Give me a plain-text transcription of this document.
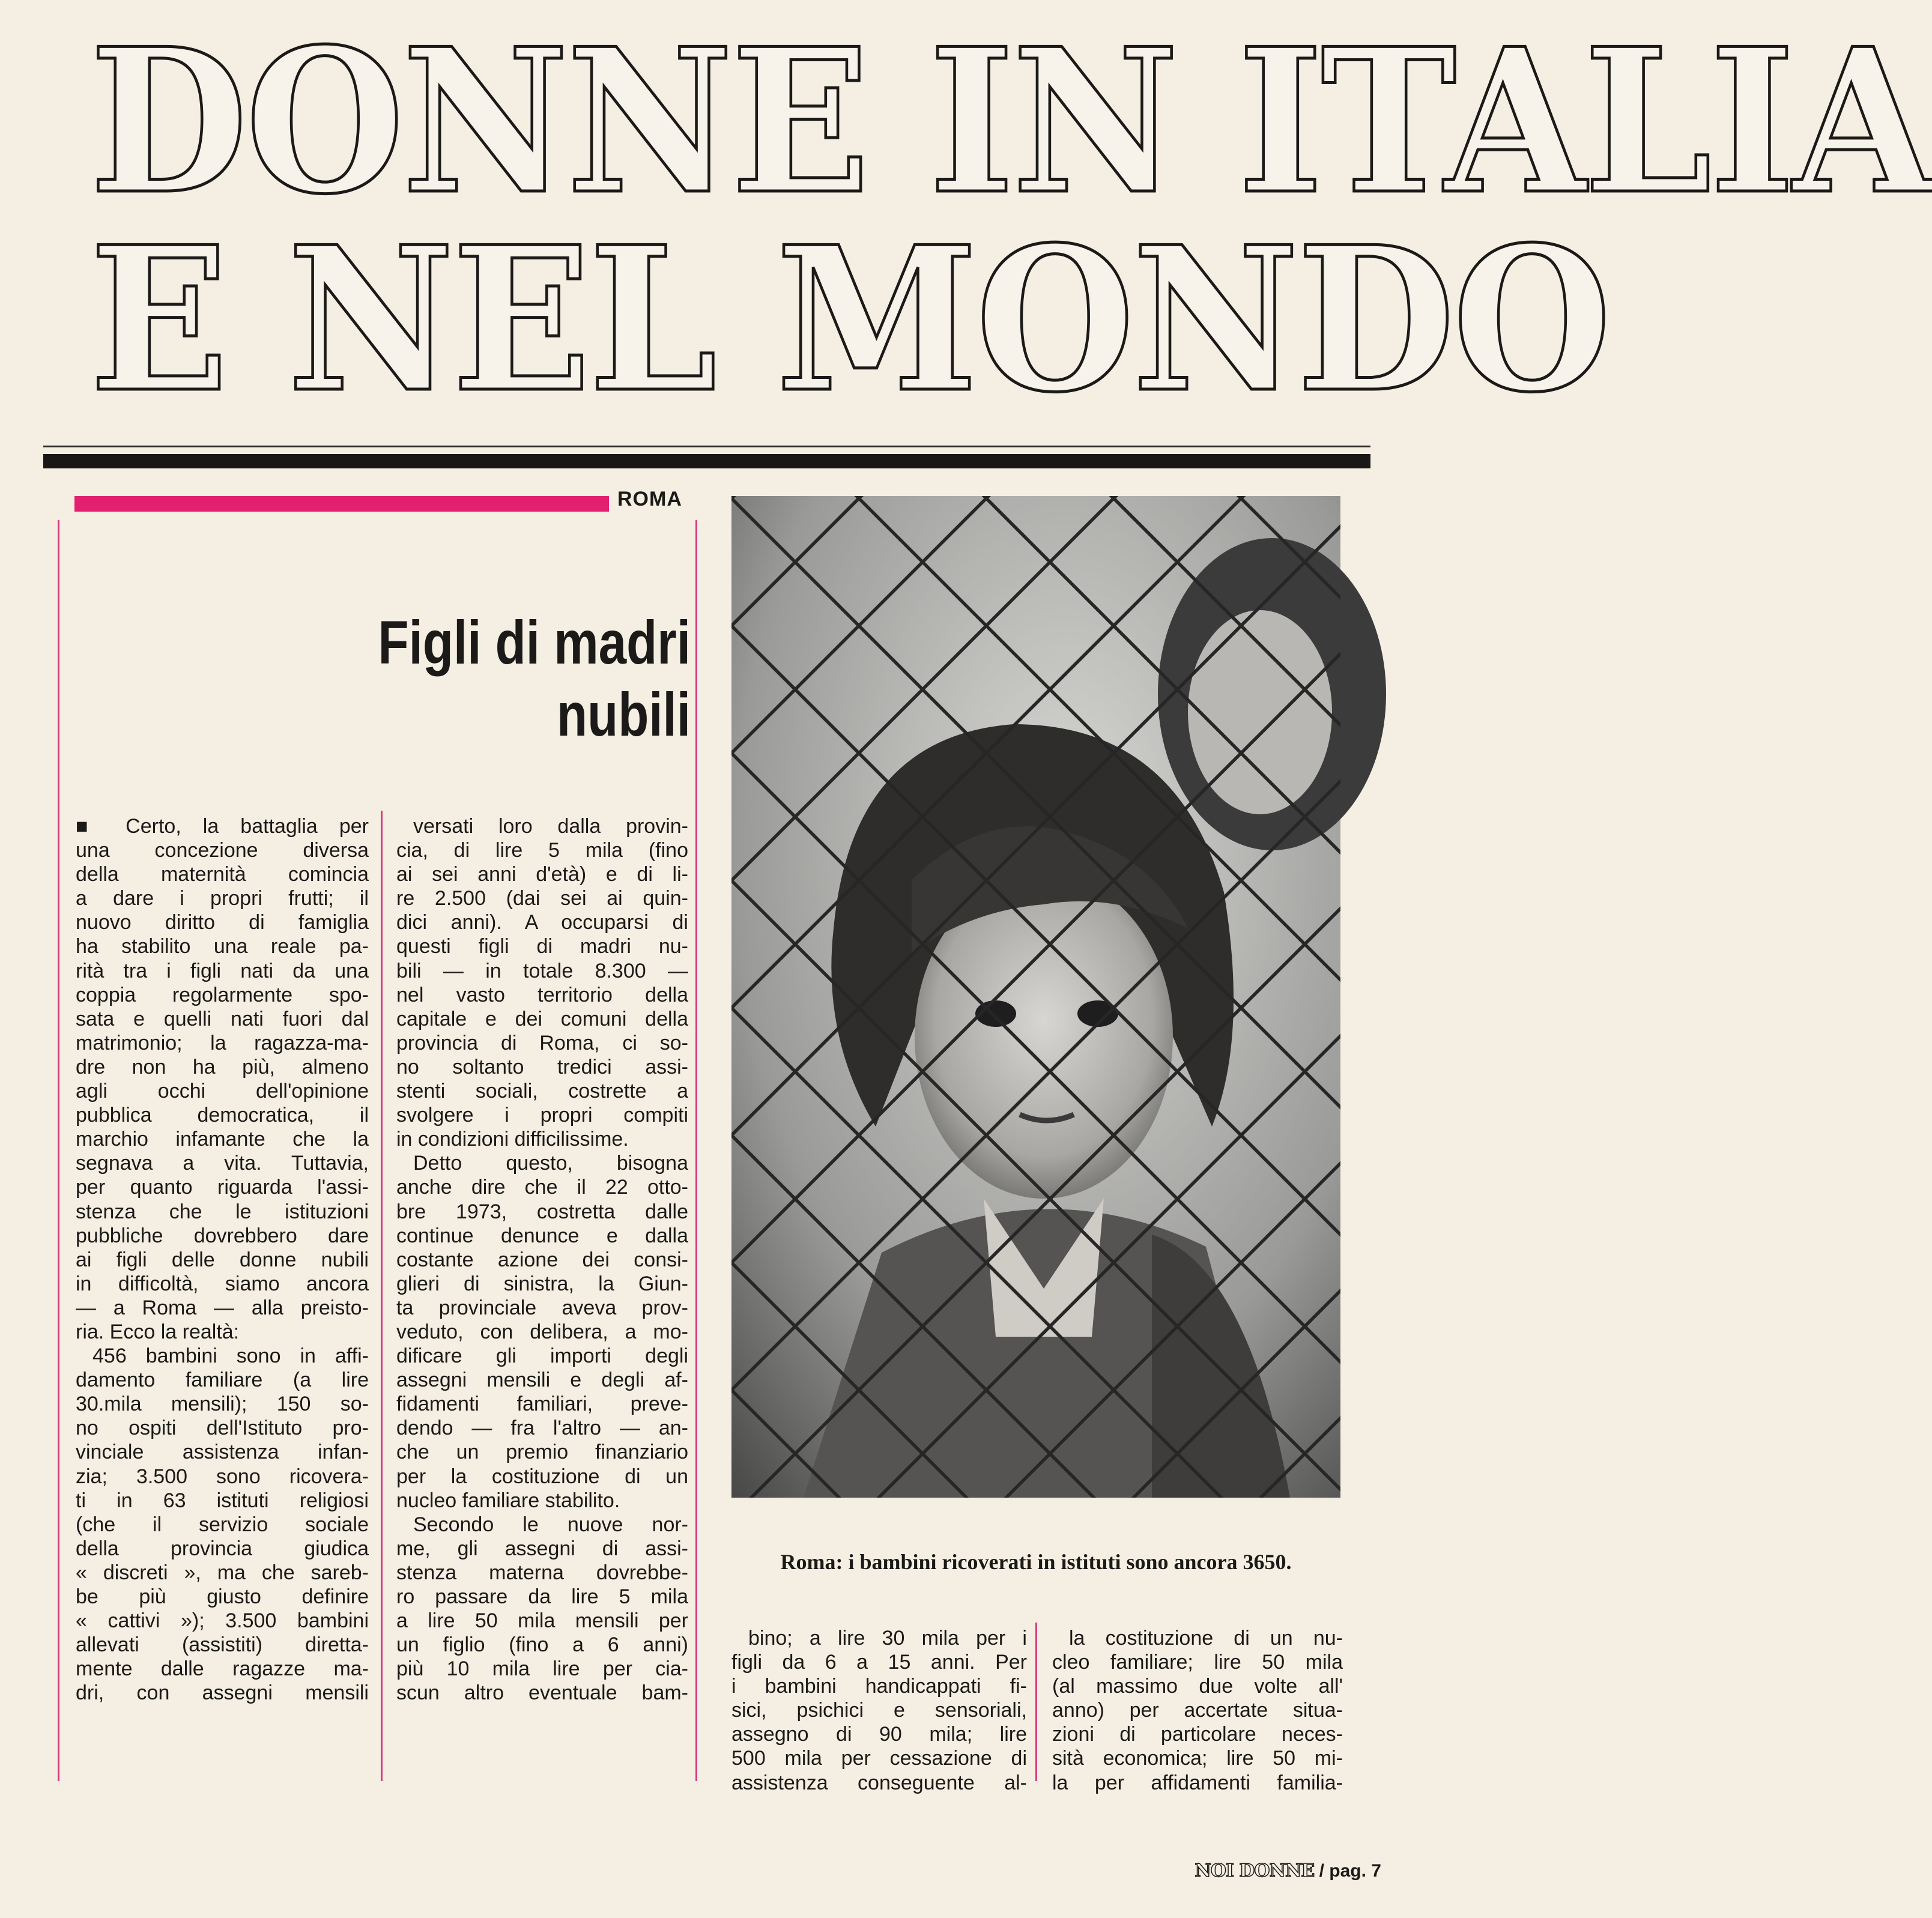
DONNE IN ITALIA
E NEL MONDO
ROMA
Figli di madri
nubili

■ Certo, la battaglia per
una concezione diversa
della maternità comincia
a dare i propri frutti; il
nuovo diritto di famiglia
ha stabilito una reale pa-
rità tra i figli nati da una
coppia regolarmente spo-
sata e quelli nati fuori dal
matrimonio; la ragazza-ma-
dre non ha più, almeno
agli occhi dell'opinione
pubblica democratica, il
marchio infamante che la
segnava a vita. Tuttavia,
per quanto riguarda l'assi-
stenza che le istituzioni
pubbliche dovrebbero dare
ai figli delle donne nubili
in difficoltà, siamo ancora
— a Roma — alla preisto-
ria. Ecco la realtà:

456 bambini sono in affi-
damento familiare (a lire
30.mila mensili); 150 so-
no ospiti dell'Istituto pro-
vinciale assistenza infan-
zia; 3.500 sono ricovera-
ti in 63 istituti religiosi
(che il servizio sociale
della provincia giudica
« discreti », ma che sareb-
be più giusto definire
« cattivi »); 3.500 bambini
allevati (assistiti) diretta-
mente dalle ragazze ma-
dri, con assegni mensili

versati loro dalla provin-
cia, di lire 5 mila (fino
ai sei anni d'età) e di li-
re 2.500 (dai sei ai quin-
dici anni). A occuparsi di
questi figli di madri nu-
bili — in totale 8.300 —
nel vasto territorio della
capitale e dei comuni della
provincia di Roma, ci so-
no soltanto tredici assi-
stenti sociali, costrette a
svolgere i propri compiti
in condizioni difficilissime.

Detto questo, bisogna
anche dire che il 22 otto-
bre 1973, costretta dalle
continue denunce e dalla
costante azione dei consi-
glieri di sinistra, la Giun-
ta provinciale aveva prov-
veduto, con delibera, a mo-
dificare gli importi degli
assegni mensili e degli af-
fidamenti familiari, preve-
dendo — fra l'altro — an-
che un premio finanziario
per la costituzione di un
nucleo familiare stabilito.

Secondo le nuove nor-
me, gli assegni di assi-
stenza materna dovrebbe-
ro passare da lire 5 mila
a lire 50 mila mensili per
un figlio (fino a 6 anni)
più 10 mila lire per cia-
scun altro eventuale bam-

bino; a lire 30 mila per i
figli da 6 a 15 anni. Per
i bambini handicappati fi-
sici, psichici e sensoriali,
assegno di 90 mila; lire
500 mila per cessazione di
assistenza conseguente al-

la costituzione di un nu-
cleo familiare; lire 50 mila
(al massimo due volte all'
anno) per accertate situa-
zioni di particolare neces-
sità economica; lire 50 mi-
la per affidamenti familia-

Roma: i bambini ricoverati in istituti sono ancora 3650.

NOI DONNE / pag. 7
